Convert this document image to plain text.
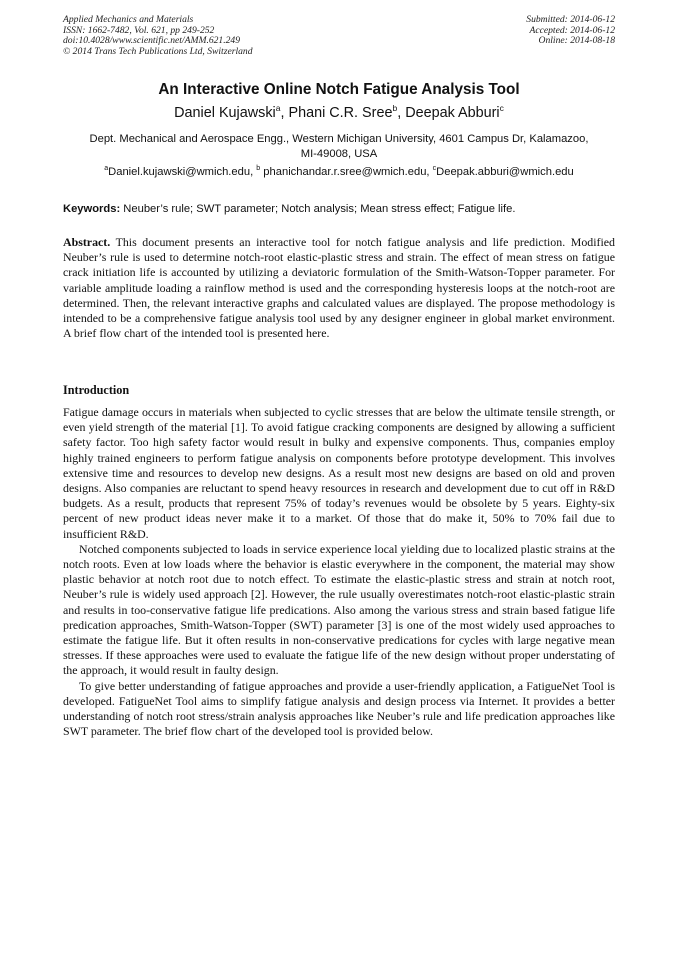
Applied Mechanics and Materials
ISSN: 1662-7482, Vol. 621, pp 249-252
doi:10.4028/www.scientific.net/AMM.621.249
© 2014 Trans Tech Publications Ltd, Switzerland
Submitted: 2014-06-12
Accepted: 2014-06-12
Online: 2014-08-18
An Interactive Online Notch Fatigue Analysis Tool
Daniel Kujawski$^a$, Phani C.R. Sree$^b$, Deepak Abburi$^c$
Dept. Mechanical and Aerospace Engg., Western Michigan University, 4601 Campus Dr, Kalamazoo, MI-49008, USA
$^a$Daniel.kujawski@wmich.edu, $^b$ phanichandar.r.sree@wmich.edu, $^c$Deepak.abburi@wmich.edu
Keywords: Neuber’s rule; SWT parameter; Notch analysis; Mean stress effect; Fatigue life.
Abstract. This document presents an interactive tool for notch fatigue analysis and life prediction. Modified Neuber’s rule is used to determine notch-root elastic-plastic stress and strain. The effect of mean stress on fatigue crack initiation life is accounted by utilizing a deviatoric formulation of the Smith-Watson-Topper parameter. For variable amplitude loading a rainflow method is used and the corresponding hysteresis loops at the notch-root are determined. Then, the relevant interactive graphs and calculated values are displayed. The propose methodology is intended to be a comprehensive fatigue analysis tool used by any designer engineer in global market environment. A brief flow chart of the intended tool is presented here.
Introduction

Fatigue damage occurs in materials when subjected to cyclic stresses that are below the ultimate tensile strength, or even yield strength of the material [1]. To avoid fatigue cracking components are designed by allowing a sufficient safety factor. Too high safety factor would result in bulky and expensive components. Thus, companies employ highly trained engineers to perform fatigue analysis on components before prototype development. This involves extensive time and resources to develop new designs. As a result most new designs are based on old and proven designs. Also companies are reluctant to spend heavy resources in research and development due to cut off in R&D budgets. As a result, products that represent 75% of today’s revenues would be obsolete by 5 years. Eighty-six percent of new product ideas never make it to a market. Of those that do make it, 50% to 70% fail due to insufficient R&D.

Notched components subjected to loads in service experience local yielding due to localized plastic strains at the notch roots. Even at low loads where the behavior is elastic everywhere in the component, the material may show plastic behavior at notch root due to notch effect. To estimate the elastic-plastic stress and strain at notch root, Neuber’s rule is widely used approach [2]. However, the rule usually overestimates notch-root elastic-plastic strain and results in too-conservative fatigue life predications. Also among the various stress and strain based fatigue life predication approaches, Smith-Watson-Topper (SWT) parameter [3] is one of the most widely used approaches to estimate the fatigue life. But it often results in non-conservative predications for cycles with large negative mean stresses. If these approaches were used to evaluate the fatigue life of the new design without proper understating of the approach, it would result in faulty design.

To give better understanding of fatigue approaches and provide a user-friendly application, a FatigueNet Tool is developed. FatigueNet Tool aims to simplify fatigue analysis and design process via Internet. It provides a better understanding of notch root stress/strain analysis approaches like Neuber’s rule and life predication approaches like SWT parameter. The brief flow chart of the developed tool is provided below.
